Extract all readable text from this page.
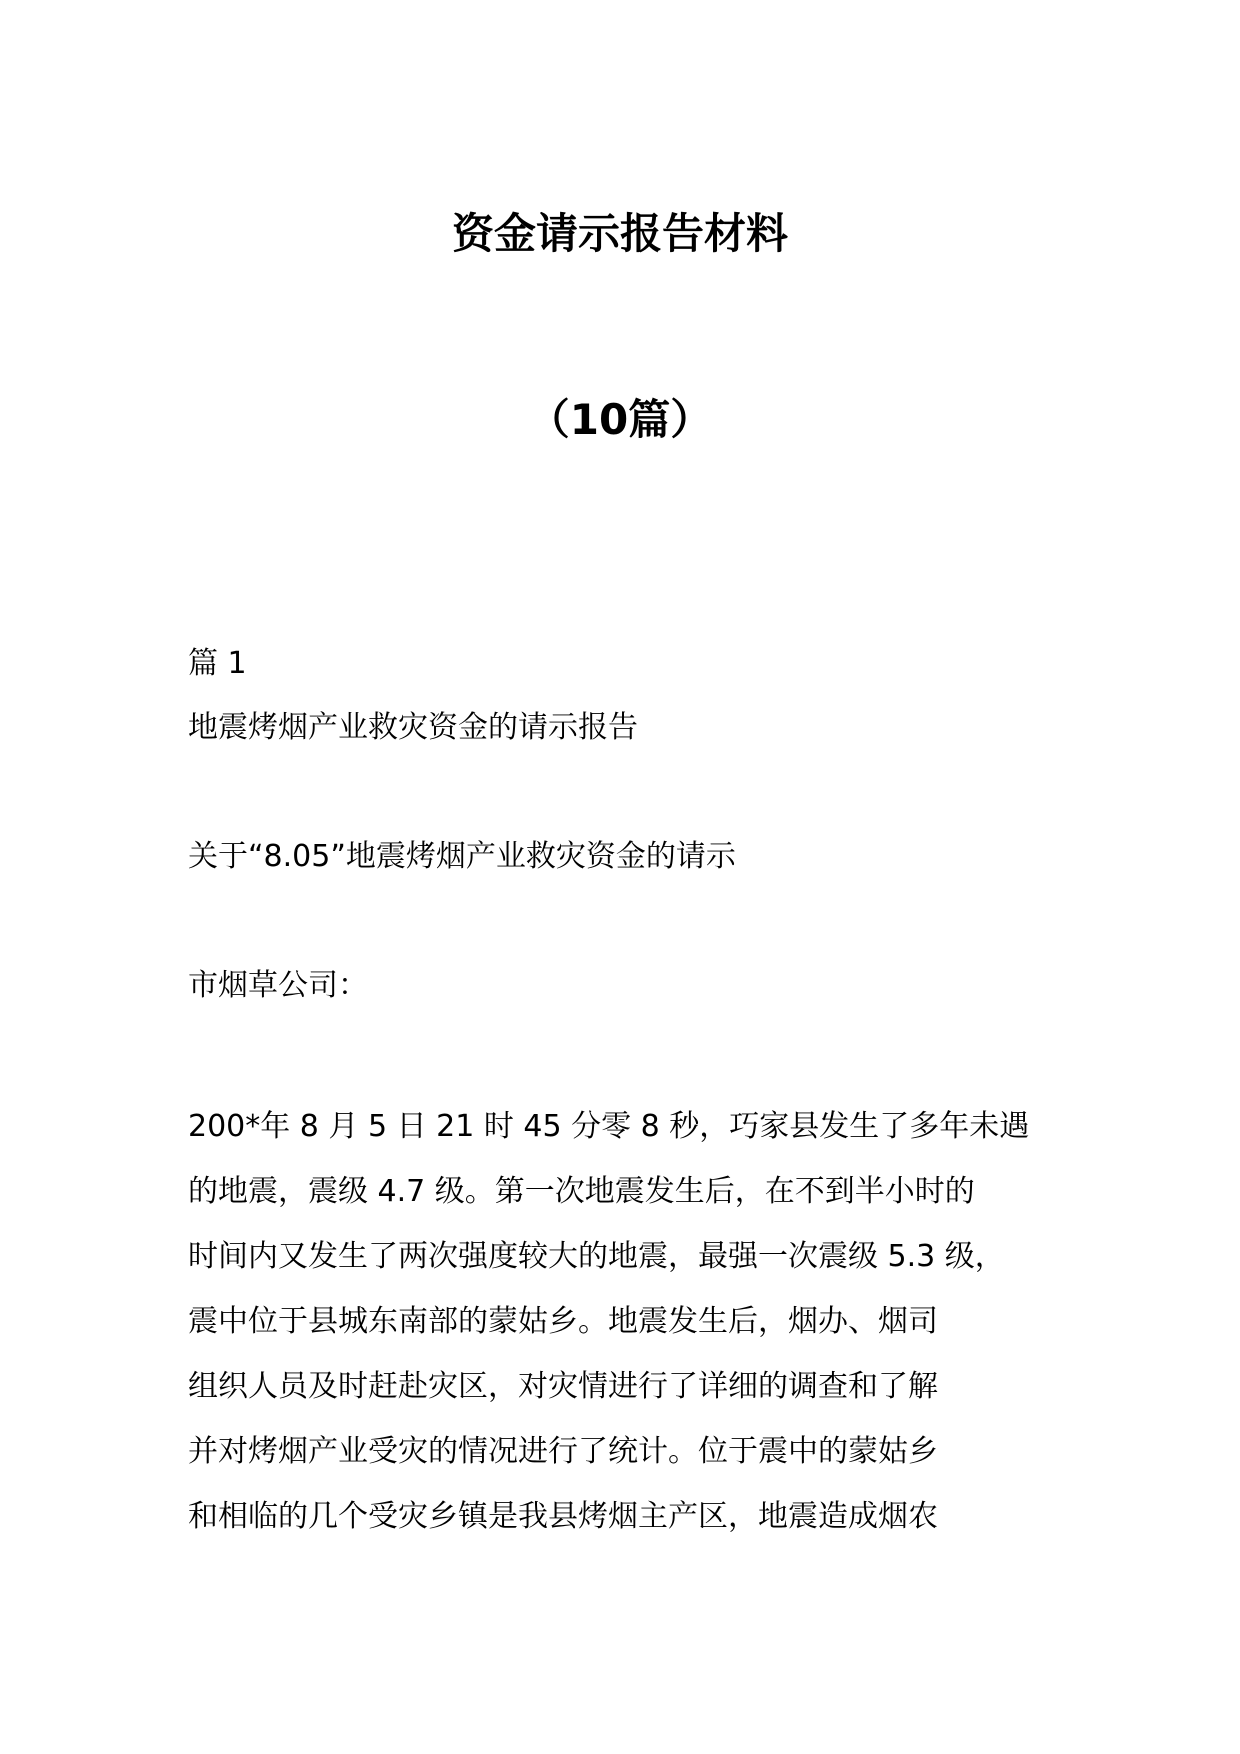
资金请示报告材料
（10篇）

篇 1

地震烤烟产业救灾资金的请示报告

关于“8.05”地震烤烟产业救灾资金的请示

市烟草公司：

200*年 8 月 5 日 21 时 45 分零 8 秒，巧家县发生了多年未遇
的地震，震级 4.7 级。第一次地震发生后，在不到半小时的
时间内又发生了两次强度较大的地震，最强一次震级 5.3 级，
震中位于县城东南部的蒙姑乡。地震发生后，烟办、烟司
组织人员及时赶赴灾区，对灾情进行了详细的调查和了解
并对烤烟产业受灾的情况进行了统计。位于震中的蒙姑乡
和相临的几个受灾乡镇是我县烤烟主产区，地震造成烟农
